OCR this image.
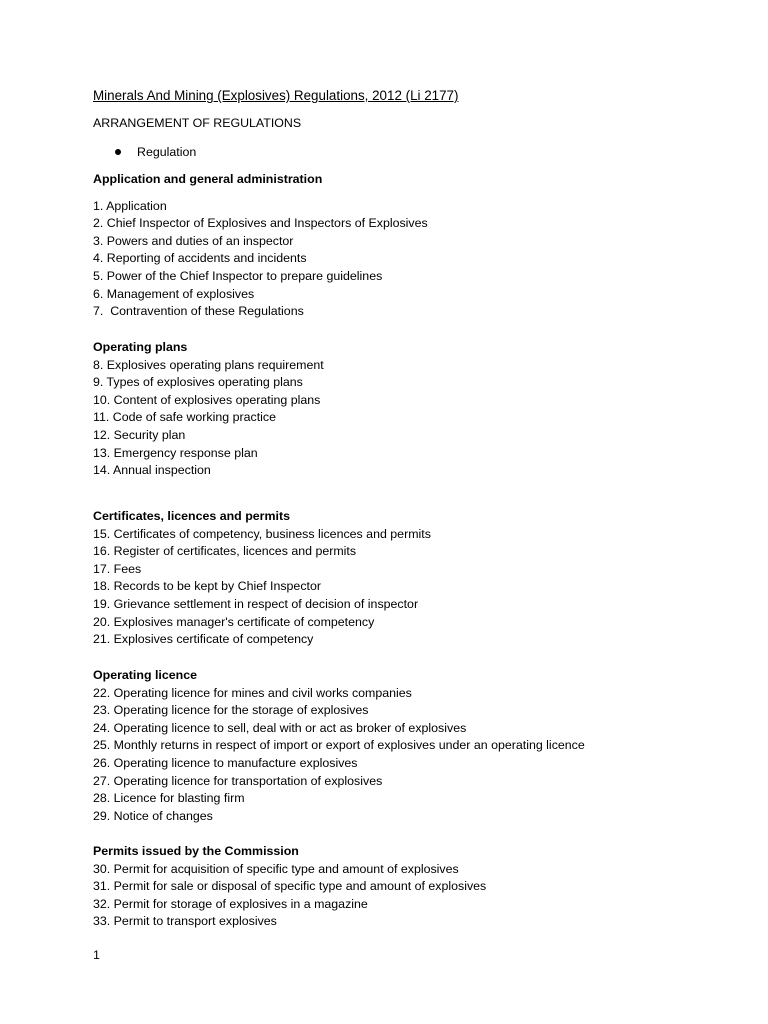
Minerals And Mining (Explosives) Regulations, 2012 (Li 2177)
ARRANGEMENT OF REGULATIONS
Regulation
Application and general administration
1. Application
2. Chief Inspector of Explosives and Inspectors of Explosives
3. Powers and duties of an inspector
4. Reporting of accidents and incidents
5. Power of the Chief Inspector to prepare guidelines
6. Management of explosives
7.  Contravention of these Regulations
Operating plans
8. Explosives operating plans requirement
9. Types of explosives operating plans
10. Content of explosives operating plans
11. Code of safe working practice
12. Security plan
13. Emergency response plan
14. Annual inspection
Certificates, licences and permits
15. Certificates of competency, business licences and permits
16. Register of certificates, licences and permits
17. Fees
18. Records to be kept by Chief Inspector
19. Grievance settlement in respect of decision of inspector
20. Explosives manager's certificate of competency
21. Explosives certificate of competency
Operating licence
22. Operating licence for mines and civil works companies
23. Operating licence for the storage of explosives
24. Operating licence to sell, deal with or act as broker of explosives
25. Monthly returns in respect of import or export of explosives under an operating licence
26. Operating licence to manufacture explosives
27. Operating licence for transportation of explosives
28. Licence for blasting firm
29. Notice of changes
Permits issued by the Commission
30. Permit for acquisition of specific type and amount of explosives
31. Permit for sale or disposal of specific type and amount of explosives
32. Permit for storage of explosives in a magazine
33. Permit to transport explosives
1
